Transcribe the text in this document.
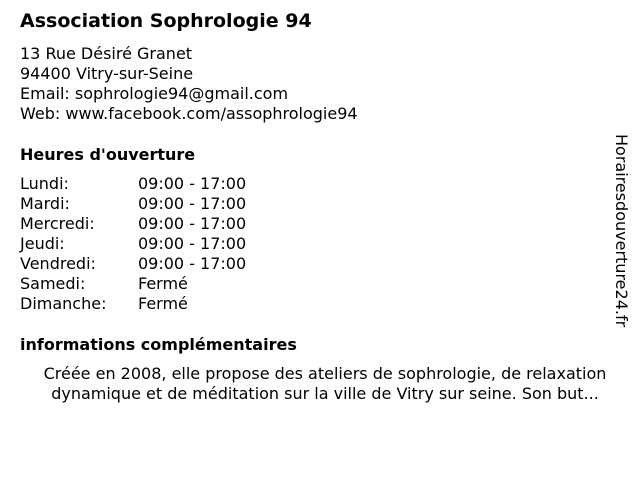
Association Sophrologie 94
13 Rue Désiré Granet
94400 Vitry-sur-Seine
Email: sophrologie94@gmail.com
Web: www.facebook.com/assophrologie94
Heures d'ouverture
Lundi:	09:00 - 17:00
Mardi:	09:00 - 17:00
Mercredi:	09:00 - 17:00
Jeudi:	09:00 - 17:00
Vendredi:	09:00 - 17:00
Samedi:	Fermé
Dimanche: Fermé
informations complémentaires
Créée en 2008, elle propose des ateliers de sophrologie, de relaxation
dynamique et de méditation sur la ville de Vitry sur seine. Son but...
Horairesdouverture24.fr
